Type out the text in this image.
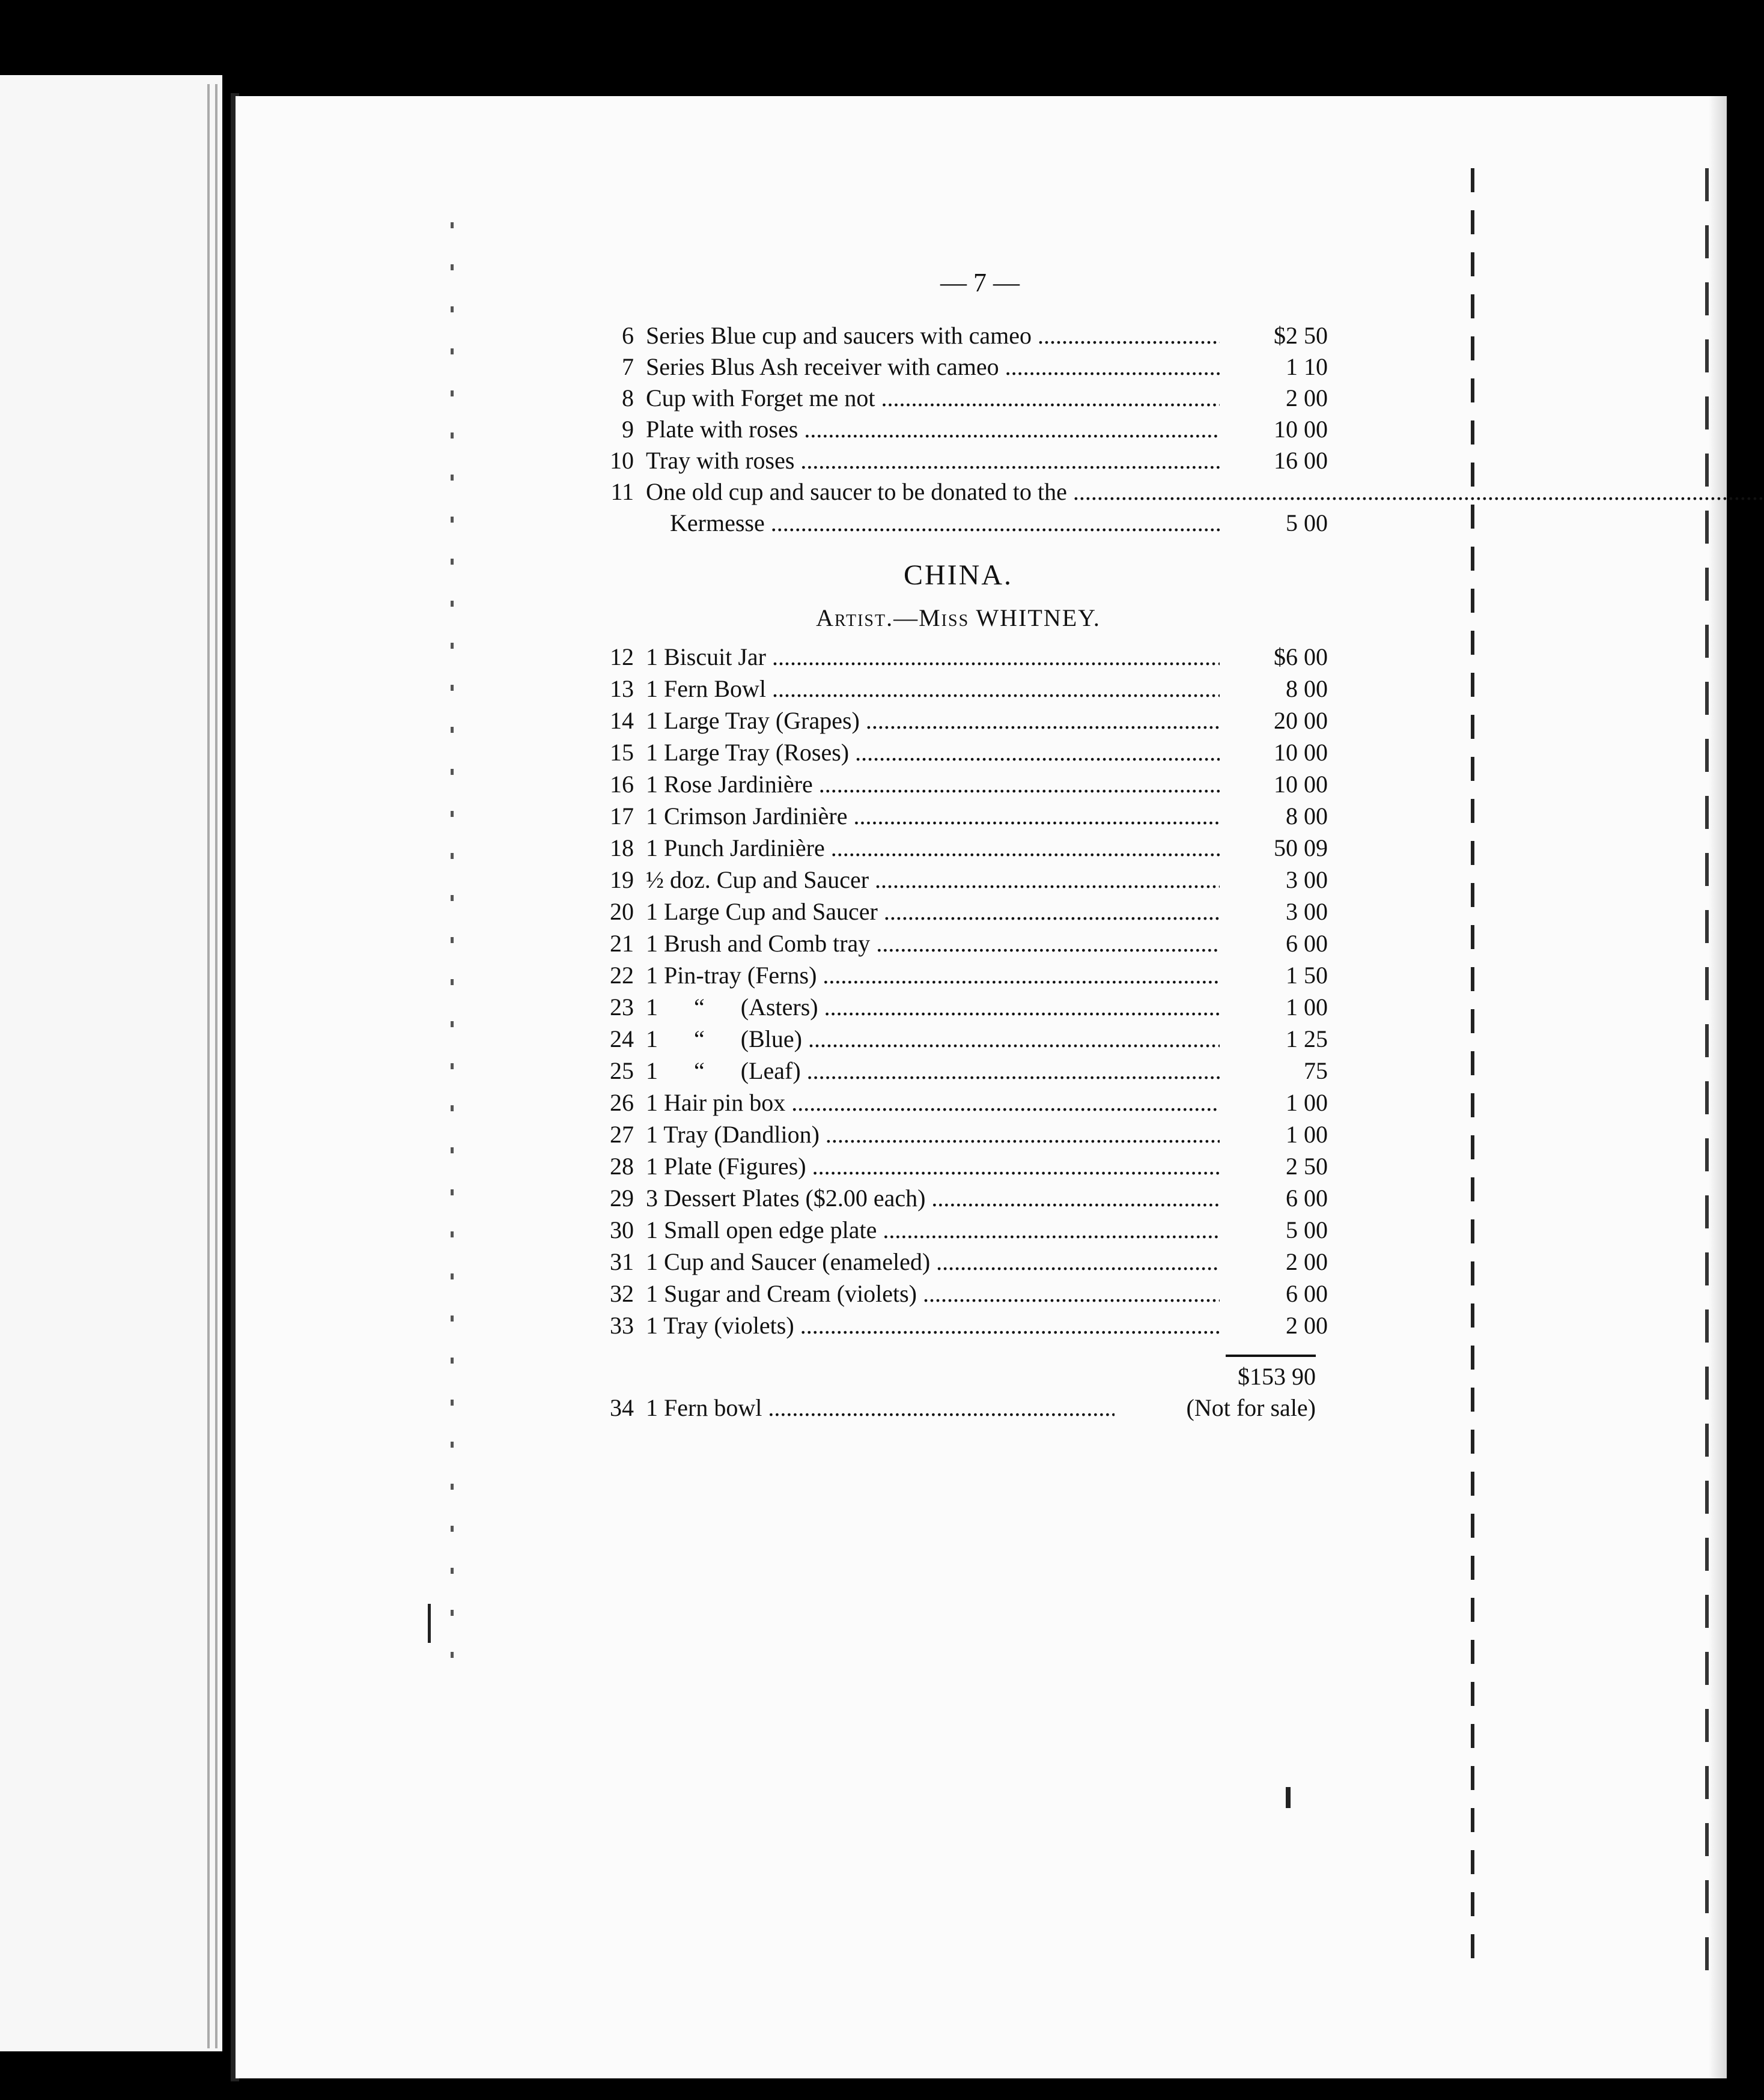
— 7 —
6 Series Blue cup and saucers with cameo .....	$2 50
7 Series Blus Ash receiver with cameo .....	1 10
8 Cup with Forget me not .....	2 00
9 Plate with roses .....	10 00
10 Tray with roses .....	16 00
11 One old cup and saucer to be donated to the .....
Kermesse .....	5 00
CHINA.
Artist.—Miss WHITNEY.
12 1 Biscuit Jar .....	$6 00
13 1 Fern Bowl .....	8 00
14 1 Large Tray (Grapes) .....	20 00
15 1 Large Tray (Roses) .....	10 00
16 1 Rose Jardinière .....	10 00
17 1 Crimson Jardinière .....	8 00
18 1 Punch Jardinière .....	50 09
19 ½ doz. Cup and Saucer .....	3 00
20 1 Large Cup and Saucer .....	3 00
21 1 Brush and Comb tray .....	6 00
22 1 Pin-tray (Ferns) .....	1 50
23 1      “      (Asters) .....	1 00
24 1      “      (Blue) .....	1 25
25 1      “      (Leaf) .....	75
26 1 Hair pin box .....	1 00
27 1 Tray (Dandlion) .....	1 00
28 1 Plate (Figures) .....	2 50
29 3 Dessert Plates ($2.00 each) .....	6 00
30 1 Small open edge plate .....	5 00
31 1 Cup and Saucer (enameled) .....	2 00
32 1 Sugar and Cream (violets) .....	6 00
33 1 Tray (violets) .....	2 00
$153 90
34 1 Fern bowl .....	(Not for sale)
